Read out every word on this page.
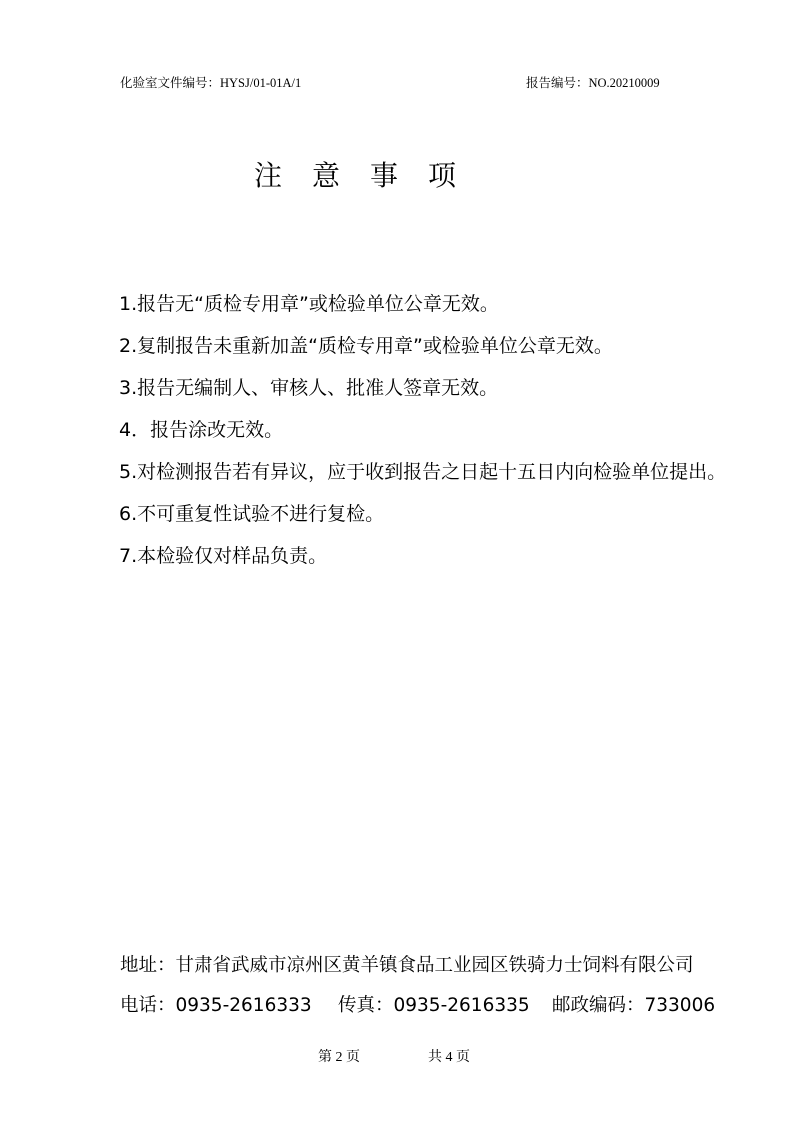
化验室文件编号：HYSJ/01-01A/1	报告编号：NO.20210009
注意事项
1.报告无“质检专用章”或检验单位公章无效。
2.复制报告未重新加盖“质检专用章”或检验单位公章无效。
3.报告无编制人、审核人、批准人签章无效。
4．报告涂改无效。
5.对检测报告若有异议，应于收到报告之日起十五日内向检验单位提出。
6.不可重复性试验不进行复检。
7.本检验仅对样品负责。
地址：甘肃省武威市凉州区黄羊镇食品工业园区铁骑力士饲料有限公司
电话：0935-2616333 传真：0935-2616335 邮政编码：733006
第 2 页	共 4 页
